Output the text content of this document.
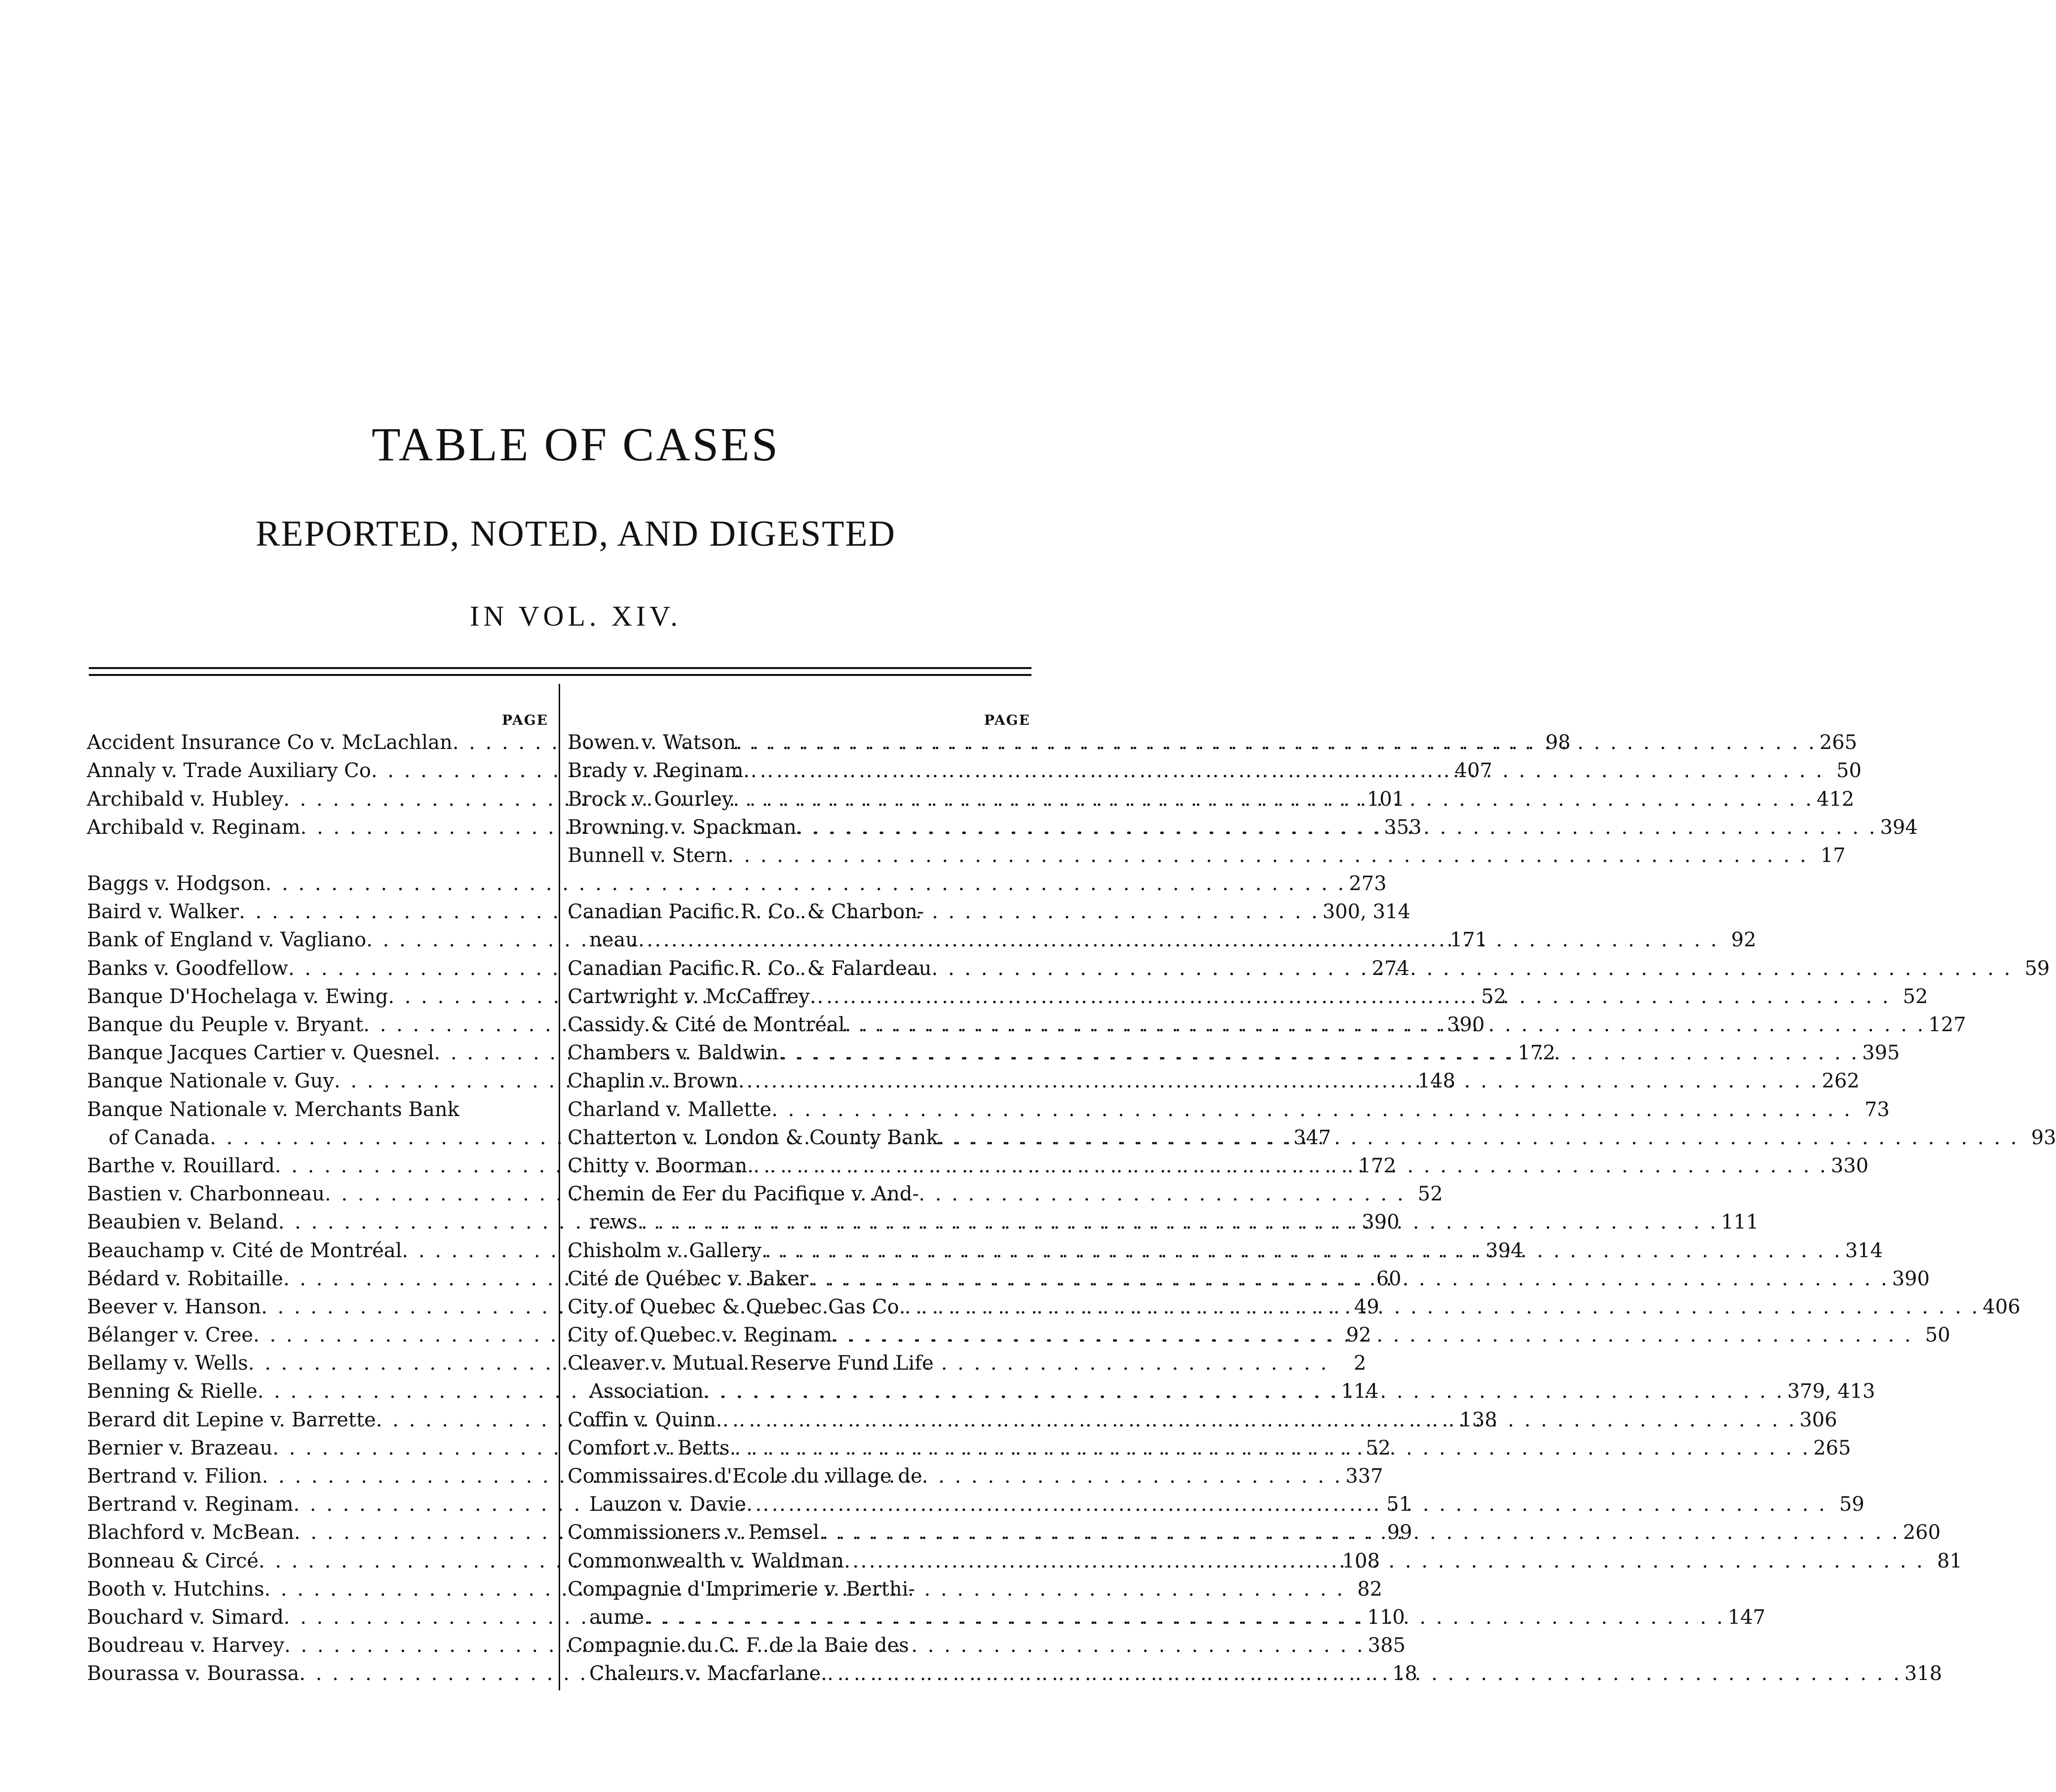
TABLE OF CASES
REPORTED, NOTED, AND DIGESTED
IN VOL. XIV.
PAGE
Accident Insurance Co v. McLachlan . . .	98
Annaly v. Trade Auxiliary Co . . .	407
Archibald v. Hubley . . .	101
Archibald v. Reginam . . .	353
Baggs v. Hodgson . . .	273
Baird v. Walker . . .	300, 314
Bank of England v. Vagliano . . .	171
Banks v. Goodfellow . . .	274
Banque D'Hochelaga v. Ewing . . .	52
Banque du Peuple v. Bryant . . .	390
Banque Jacques Cartier v. Quesnel . . .	172
Banque Nationale v. Guy . . .	148
Banque Nationale v. Merchants Bank
of Canada . . .	347
Barthe v. Rouillard . . .	172
Bastien v. Charbonneau . . .	52
Beaubien v. Beland . . .	390
Beauchamp v. Cité de Montréal . . .	394
Bédard v. Robitaille . . .	60
Beever v. Hanson . . .	49
Bélanger v. Cree . . .	92
Bellamy v. Wells . . .	2
Benning & Rielle . . .	114
Berard dit Lepine v. Barrette . . .	138
Bernier v. Brazeau . . .	52
Bertrand v. Filion . . .	337
Bertrand v. Reginam . . .	51
Blachford v. McBean . . .	99
Bonneau & Circé . . .	108
Booth v. Hutchins . . .	82
Bouchard v. Simard . . .	110
Boudreau v. Harvey . . .	385
Bourassa v. Bourassa . . .	18
PAGE
Bowen v. Watson . . .	265
Brady v. Reginam . . .	50
Brock v. Gourley . . .	412
Browning v. Spackman . . .	394
Bunnell v. Stern . . .	17
Canadian Pacific R. Co. & Charbon-
neau . . .	92
Canadian Pacific R. Co. & Falardeau . . .	59
Cartwright v. McCaffrey . . .	52
Cassidy & Cité de Montréal . . .	127
Chambers v. Baldwin . . .	395
Chaplin v. Brown . . .	262
Charland v. Mallette . . .	73
Chatterton v. London & County Bank . . .	93
Chitty v. Boorman . . .	330
Chemin de Fer du Pacifique v. And-
rews . . .	111
Chisholm v. Gallery . . .	314
Cité de Québec v. Baker . . .	390
City of Quebec & Quebec Gas Co . . .	406
City of Quebec v. Reginam . . .	50
Cleaver v. Mutual Reserve Fund Life
Association . . .	379, 413
Coffin v. Quinn . . .	306
Comfort v. Betts . . .	265
Commissaires d'Ecole du village de
Lauzon v. Davie . . .	59
Commissioners v. Pemsel . . .	260
Commonwealth v. Waldman . . .	81
Compagnie d'Imprimerie v. Berthi-
aume . . .	147
Compagnie du C. F. de la Baie des
Chaleurs v. Macfarlane . . .	318
